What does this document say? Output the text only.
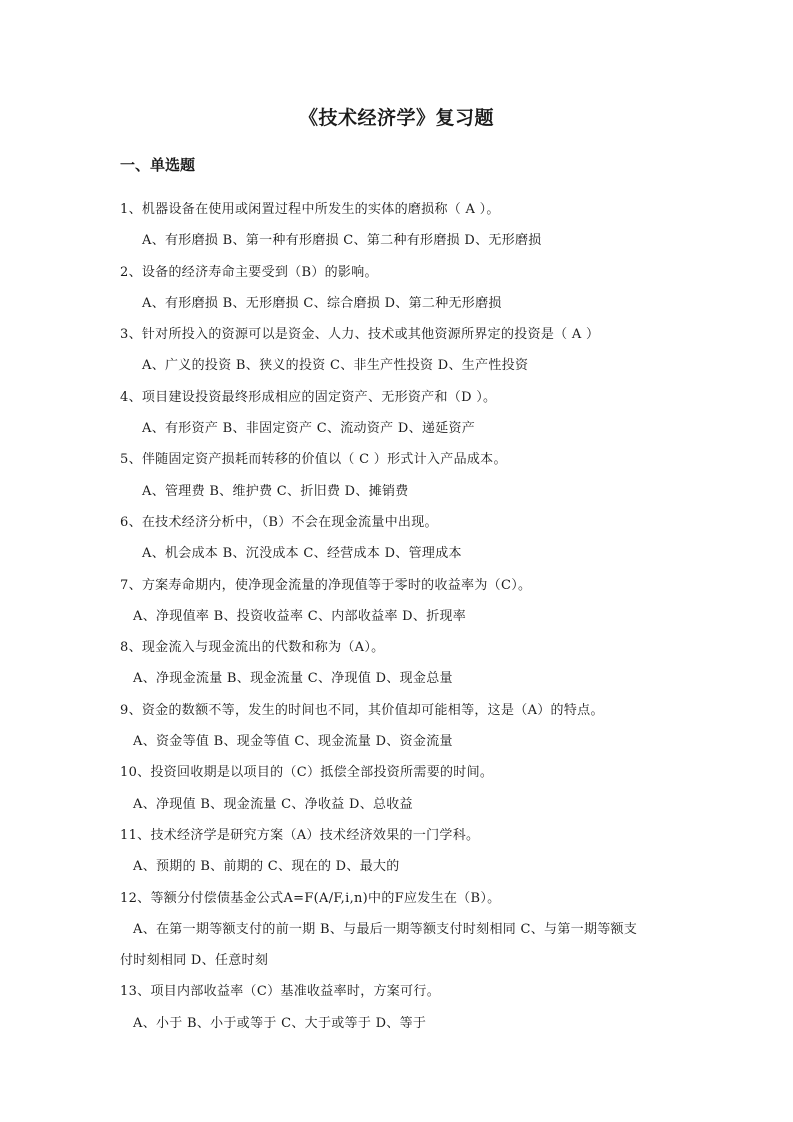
《技术经济学》复习题
一、单选题
1、机器设备在使用或闲置过程中所发生的实体的磨损称（ A ）。
A、有形磨损 B、第一种有形磨损 C、第二种有形磨损 D、无形磨损
2、设备的经济寿命主要受到（B）的影响。
A、有形磨损 B、无形磨损 C、综合磨损 D、第二种无形磨损
3、针对所投入的资源可以是资金、人力、技术或其他资源所界定的投资是（ A ）
A、广义的投资 B、狭义的投资 C、非生产性投资 D、生产性投资
4、项目建设投资最终形成相应的固定资产、无形资产和（D ）。
A、有形资产 B、非固定资产 C、流动资产 D、递延资产
5、伴随固定资产损耗而转移的价值以（ C ）形式计入产品成本。
A、管理费 B、维护费 C、折旧费 D、摊销费
6、在技术经济分析中，（B）不会在现金流量中出现。
A、机会成本 B、沉没成本 C、经营成本 D、管理成本
7、方案寿命期内，使净现金流量的净现值等于零时的收益率为（C）。
A、净现值率 B、投资收益率 C、内部收益率 D、折现率
8、现金流入与现金流出的代数和称为（A）。
A、净现金流量 B、现金流量 C、净现值 D、现金总量
9、资金的数额不等，发生的时间也不同，其价值却可能相等，这是（A）的特点。
A、资金等值 B、现金等值 C、现金流量 D、资金流量
10、投资回收期是以项目的（C）抵偿全部投资所需要的时间。
A、净现值 B、现金流量 C、净收益 D、总收益
11、技术经济学是研究方案（A）技术经济效果的一门学科。
A、预期的 B、前期的 C、现在的 D、最大的
12、等额分付偿债基金公式A=F(A/F,i,n)中的F应发生在（B）。
A、在第一期等额支付的前一期 B、与最后一期等额支付时刻相同 C、与第一期等额支
付时刻相同 D、任意时刻
13、项目内部收益率（C）基准收益率时，方案可行。
A、小于 B、小于或等于 C、大于或等于 D、等于
